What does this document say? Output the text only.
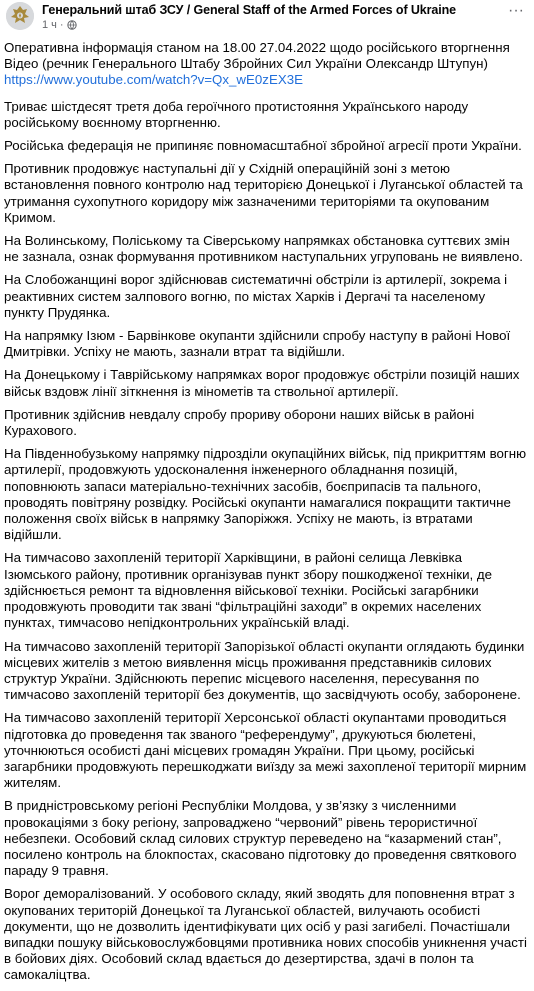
Генеральний штаб ЗСУ / General Staff of the Armed Forces of Ukraine
1 ч ·
···
Оперативна інформація станом на 18.00 27.04.2022 щодо російського вторгнення
Відео (речник Генерального Штабу Збройних Сил України Олександр Штупун)
https://www.youtube.com/watch?v=Qx_wE0zEX3E

Триває шістдесят третя доба героїчного протистояння Українського народу російському воєнному вторгненню.

Російська федерація не припиняє повномасштабної збройної агресії проти України.

Противник продовжує наступальні дії у Східній операційній зоні з метою встановлення повного контролю над територією Донецької і Луганської областей та утримання сухопутного коридору між зазначеними територіями та окупованим Кримом.

На Волинському, Поліському та Сіверському напрямках обстановка суттєвих змін не зазнала, ознак формування противником наступальних угруповань не виявлено.

На Слобожанщині ворог здійснював систематичні обстріли із артилерії, зокрема і реактивних систем залпового вогню, по містах Харків і Дергачі та населеному пункту Прудянка.

На напрямку Ізюм - Барвінкове окупанти здійснили спробу наступу в районі Нової Дмитрівки. Успіху не мають, зазнали втрат та відійшли.

На Донецькому і Таврійському напрямках ворог продовжує обстріли позицій наших військ вздовж лінії зіткнення із мінометів та ствольної артилерії.

Противник здійснив невдалу спробу прориву оборони наших військ в районі Курахового.

На Південнобузькому напрямку підрозділи окупаційних військ, під прикриттям вогню артилерії, продовжують удосконалення інженерного обладнання позицій, поповнюють запаси матеріально-технічних засобів, боєприпасів та пального, проводять повітряну розвідку. Російські окупанти намагалися покращити тактичне положення своїх військ в напрямку Запоріжжя. Успіху не мають, із втратами відійшли.

На тимчасово захопленій території Харківщини, в районі селища Левківка Ізюмського району, противник організував пункт збору пошкодженої техніки, де здійснюється ремонт та відновлення військової техніки. Російські загарбники продовжують проводити так звані “фільтраційні заходи” в окремих населених пунктах, тимчасово непідконтрольних українській владі.

На тимчасово захопленій території Запорізької області окупанти оглядають будинки місцевих жителів з метою виявлення місць проживання представників силових структур України. Здійснюють перепис місцевого населення, пересування по тимчасово захопленій території без документів, що засвідчують особу, заборонене.

На тимчасово захопленій території Херсонської області окупантами проводиться підготовка до проведення так званого “референдуму”, друкуються бюлетені, уточнюються особисті дані місцевих громадян України. При цьому, російські загарбники продовжують перешкоджати виїзду за межі захопленої території мирним жителям.

В придністровському регіоні Республіки Молдова, у зв’язку з численними провокаціями з боку регіону, запроваджено “червоний” рівень терористичної небезпеки. Особовий склад силових структур переведено на “казармений стан”, посилено контроль на блокпостах, скасовано підготовку до проведення святкового параду 9 травня.

Ворог деморалізований. У особового складу, який зводять для поповнення втрат з окупованих територій Донецької та Луганської областей, вилучають особисті документи, що не дозволить ідентифікувати цих осіб у разі загибелі. Почастішали випадки пошуку військовослужбовцями противника нових способів уникнення участі в бойових діях. Особовий склад вдається до дезертирства, здачі в полон та самокаліцтва.
